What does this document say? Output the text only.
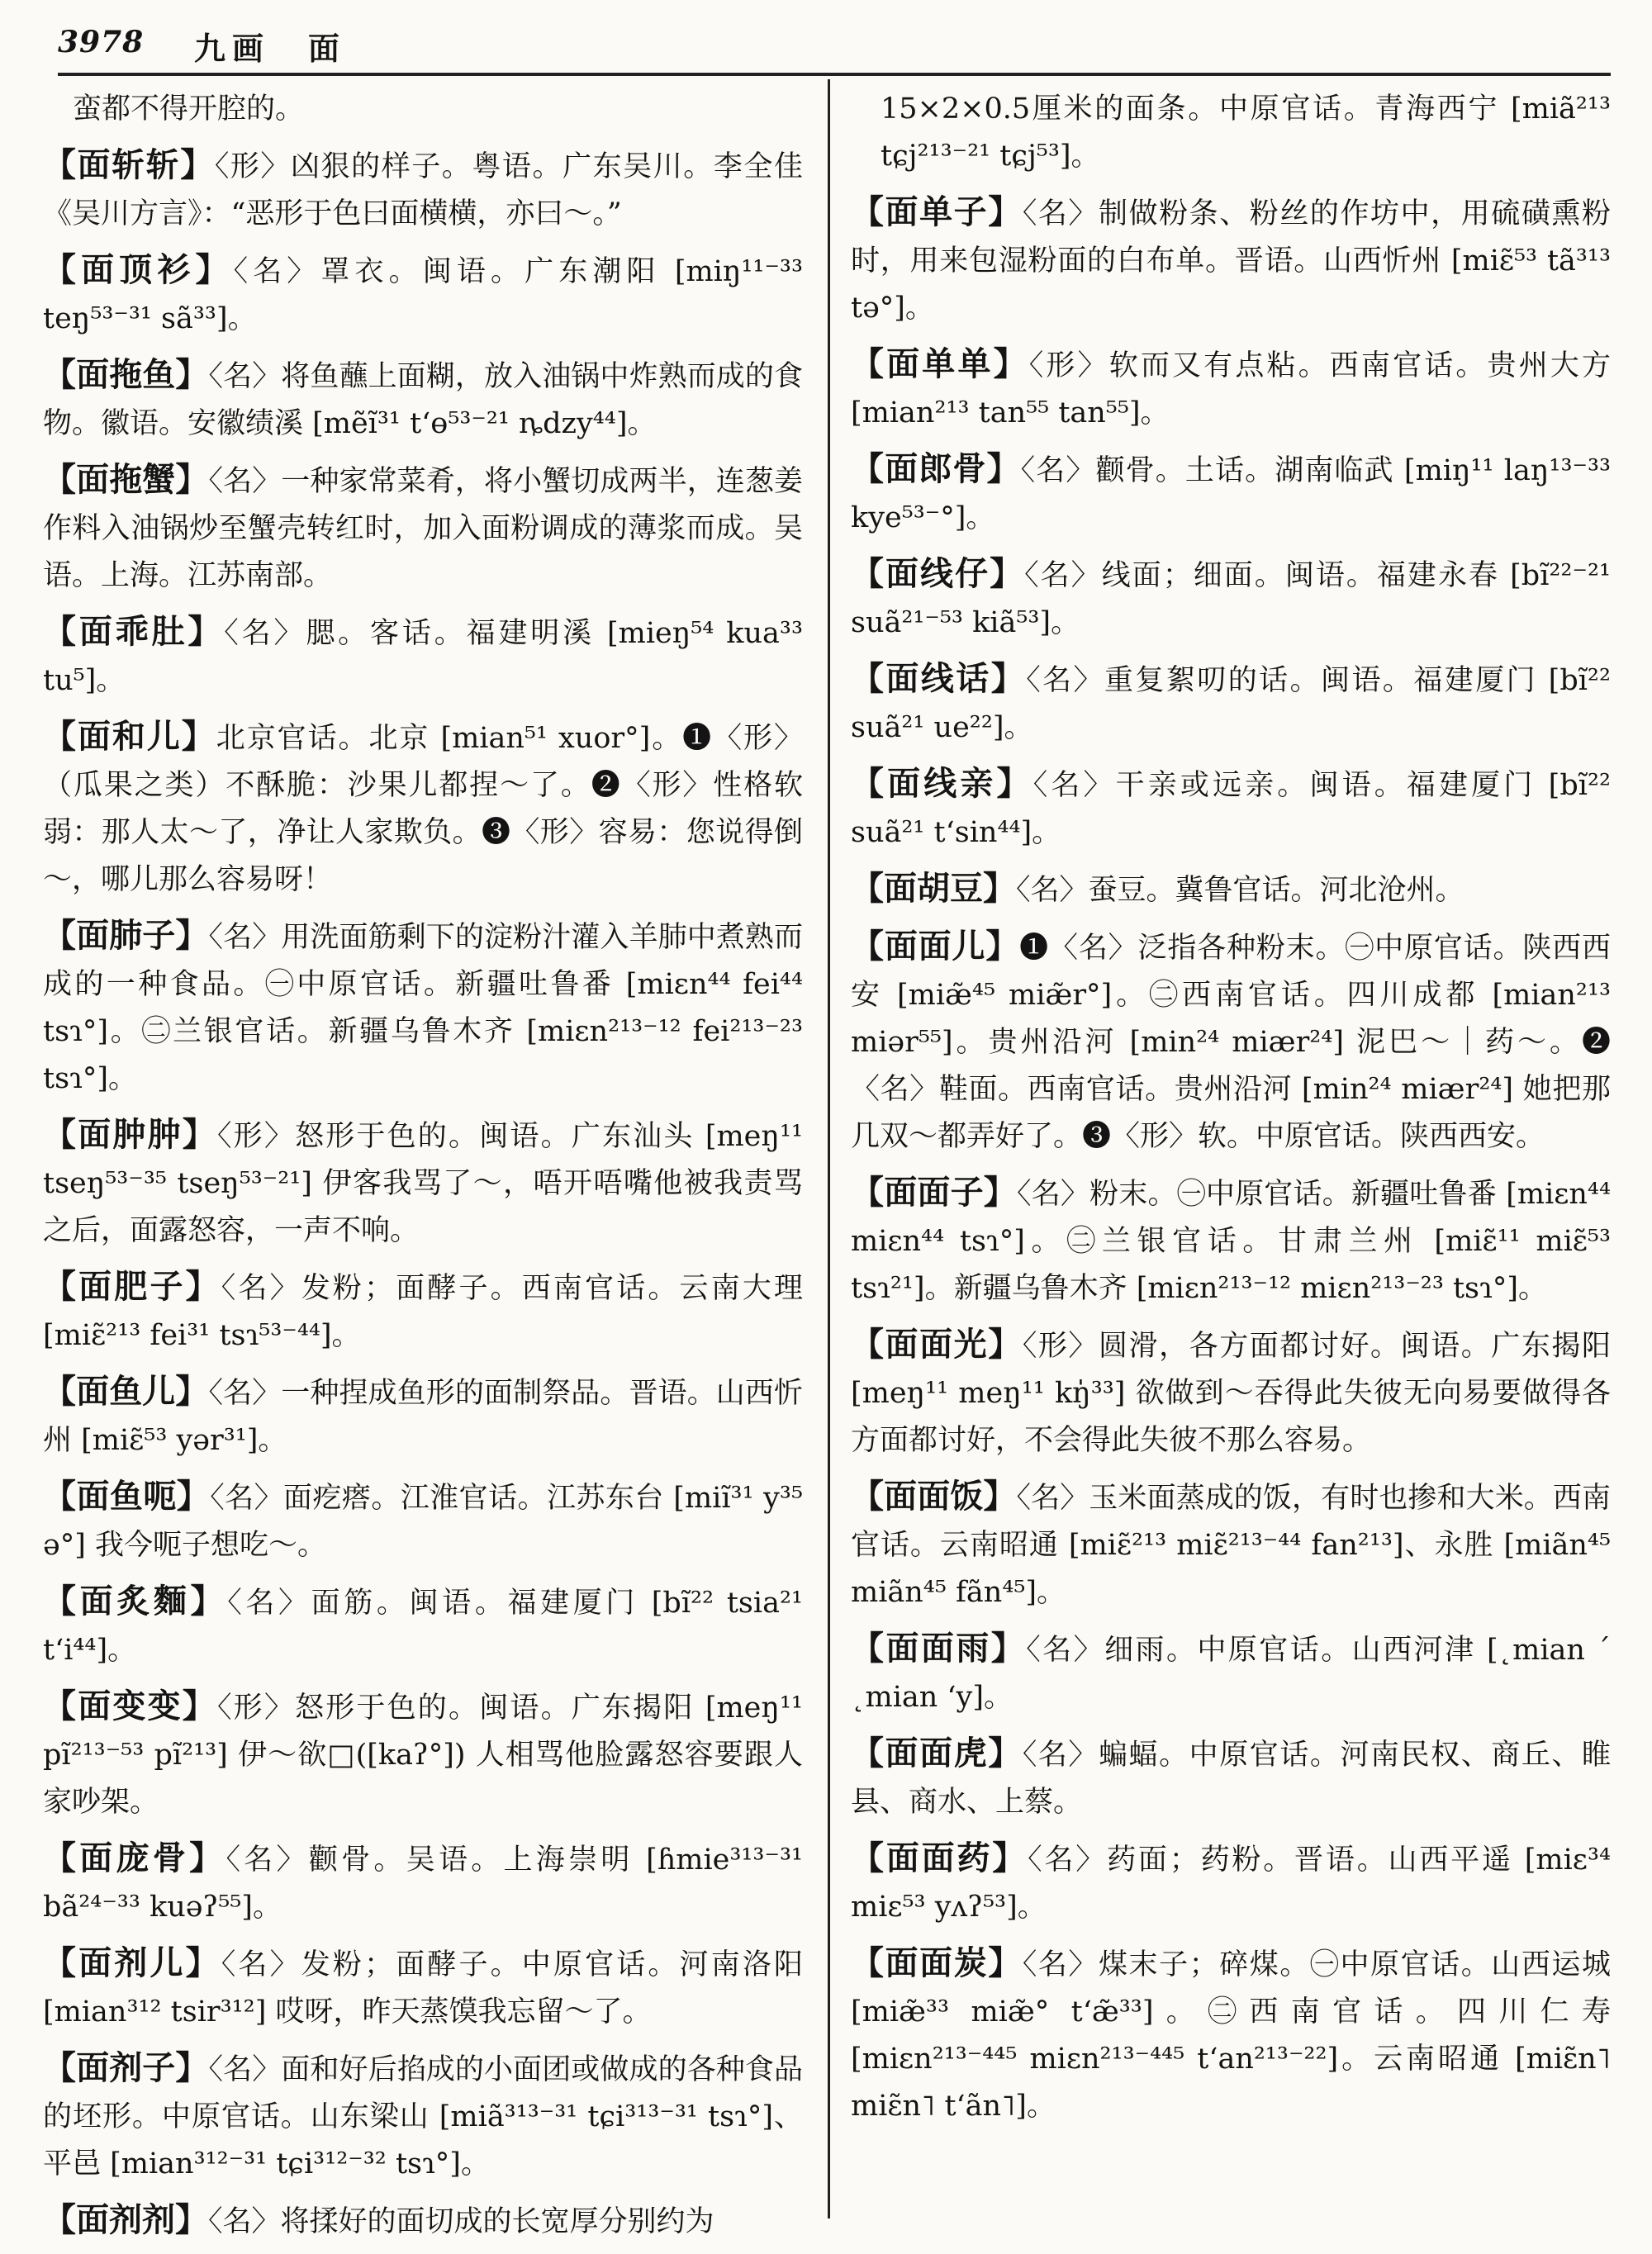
3978 九画　面

蛮都不得开腔的。

【面斩斩】〈形〉凶狠的样子。粤语。广东吴川。李全佳《吴川方言》：“恶形于色曰面横横，亦曰～。”

【面顶衫】〈名〉罩衣。闽语。广东潮阳 [miŋ¹¹⁻³³ teŋ⁵³⁻³¹ sã³³]。

【面拖鱼】〈名〉将鱼蘸上面糊，放入油锅中炸熟而成的食物。徽语。安徽绩溪 [mẽĩ³¹ tʻɵ⁵³⁻²¹ ȵdzy⁴⁴]。

【面拖蟹】〈名〉一种家常菜肴，将小蟹切成两半，连葱姜作料入油锅炒至蟹壳转红时，加入面粉调成的薄浆而成。吴语。上海。江苏南部。

【面乖肚】〈名〉腮。客话。福建明溪 [mieŋ⁵⁴ kua³³ tu⁵]。

【面和儿】北京官话。北京 [mian⁵¹ xuor°]。❶〈形〉（瓜果之类）不酥脆：沙果儿都捏～了。❷〈形〉性格软弱：那人太～了，净让人家欺负。❸〈形〉容易：您说得倒～，哪儿那么容易呀！

【面肺子】〈名〉用洗面筋剩下的淀粉汁灌入羊肺中煮熟而成的一种食品。㊀中原官话。新疆吐鲁番 [miɛn⁴⁴ fei⁴⁴ tsɿ°]。㊁兰银官话。新疆乌鲁木齐 [miɛn²¹³⁻¹² fei²¹³⁻²³ tsɿ°]。

【面肿肿】〈形〉怒形于色的。闽语。广东汕头 [meŋ¹¹ tseŋ⁵³⁻³⁵ tseŋ⁵³⁻²¹] 伊客我骂了～，唔开唔嘴他被我责骂之后，面露怒容，一声不响。

【面肥子】〈名〉发粉；面酵子。西南官话。云南大理 [miɛ̃²¹³ fei³¹ tsɿ⁵³⁻⁴⁴]。

【面鱼儿】〈名〉一种捏成鱼形的面制祭品。晋语。山西忻州 [miɛ̃⁵³ yər³¹]。

【面鱼呃】〈名〉面疙瘩。江淮官话。江苏东台 [miĩ³¹ y³⁵ ə°] 我今呃子想吃～。

【面炙麵】〈名〉面筋。闽语。福建厦门 [bĩ²² tsia²¹ tʻi⁴⁴]。

【面变变】〈形〉怒形于色的。闽语。广东揭阳 [meŋ¹¹ pĩ²¹³⁻⁵³ pĩ²¹³] 伊～欲□([kaʔ°]) 人相骂他脸露怒容要跟人家吵架。

【面庞骨】〈名〉颧骨。吴语。上海崇明 [ɦmie³¹³⁻³¹ bã²⁴⁻³³ kuəʔ⁵⁵]。

【面剂儿】〈名〉发粉；面酵子。中原官话。河南洛阳 [mian³¹² tsir³¹²] 哎呀，昨天蒸馍我忘留～了。

【面剂子】〈名〉面和好后掐成的小面团或做成的各种食品的坯形。中原官话。山东梁山 [miã³¹³⁻³¹ tɕi³¹³⁻³¹ tsɿ°]、平邑 [mian³¹²⁻³¹ tɕi³¹²⁻³² tsɿ°]。

【面剂剂】〈名〉将揉好的面切成的长宽厚分别约为

15×2×0.5厘米的面条。中原官话。青海西宁 [miã²¹³ tɕj²¹³⁻²¹ tɕj⁵³]。

【面单子】〈名〉制做粉条、粉丝的作坊中，用硫磺熏粉时，用来包湿粉面的白布单。晋语。山西忻州 [miɛ̃⁵³ tã³¹³ tə°]。

【面单单】〈形〉软而又有点粘。西南官话。贵州大方 [mian²¹³ tan⁵⁵ tan⁵⁵]。

【面郎骨】〈名〉颧骨。土话。湖南临武 [miŋ¹¹ laŋ¹³⁻³³ kye⁵³⁻°]。

【面线仔】〈名〉线面；细面。闽语。福建永春 [bĩ²²⁻²¹ suã²¹⁻⁵³ kiã⁵³]。

【面线话】〈名〉重复絮叨的话。闽语。福建厦门 [bĩ²² suã²¹ ue²²]。

【面线亲】〈名〉干亲或远亲。闽语。福建厦门 [bĩ²² suã²¹ tʻsin⁴⁴]。

【面胡豆】〈名〉蚕豆。冀鲁官话。河北沧州。

【面面儿】❶〈名〉泛指各种粉末。㊀中原官话。陕西西安 [miæ̃⁴⁵ miæ̃r°]。㊁西南官话。四川成都 [mian²¹³ miər⁵⁵]。贵州沿河 [min²⁴ miær²⁴] 泥巴～｜药～。❷〈名〉鞋面。西南官话。贵州沿河 [min²⁴ miær²⁴] 她把那几双～都弄好了。❸〈形〉软。中原官话。陕西西安。

【面面子】〈名〉粉末。㊀中原官话。新疆吐鲁番 [miɛn⁴⁴ miɛn⁴⁴ tsɿ°]。㊁兰银官话。甘肃兰州 [miɛ̃¹¹ miɛ̃⁵³ tsɿ²¹]。新疆乌鲁木齐 [miɛn²¹³⁻¹² miɛn²¹³⁻²³ tsɿ°]。

【面面光】〈形〉圆滑，各方面都讨好。闽语。广东揭阳 [meŋ¹¹ meŋ¹¹ kŋ̍³³] 欲做到～吞得此失彼无向易要做得各方面都讨好，不会得此失彼不那么容易。

【面面饭】〈名〉玉米面蒸成的饭，有时也掺和大米。西南官话。云南昭通 [miɛ̃²¹³ miɛ̃²¹³⁻⁴⁴ fan²¹³]、永胜 [miãn⁴⁵ miãn⁴⁵ fãn⁴⁵]。

【面面雨】〈名〉细雨。中原官话。山西河津 [˛mian ˊ ˛mian ʻy]。

【面面虎】〈名〉蝙蝠。中原官话。河南民权、商丘、睢县、商水、上蔡。

【面面药】〈名〉药面；药粉。晋语。山西平遥 [miɛ³⁴ miɛ⁵³ yʌʔ⁵³]。

【面面炭】〈名〉煤末子；碎煤。㊀中原官话。山西运城 [miæ̃³³ miæ̃° tʻæ̃³³]。㊁西南官话。四川仁寿 [miɛn²¹³⁻⁴⁴⁵ miɛn²¹³⁻⁴⁴⁵ tʻan²¹³⁻²²]。云南昭通 [miɛ̃n˥ miɛ̃n˥ tʻãn˥]。
